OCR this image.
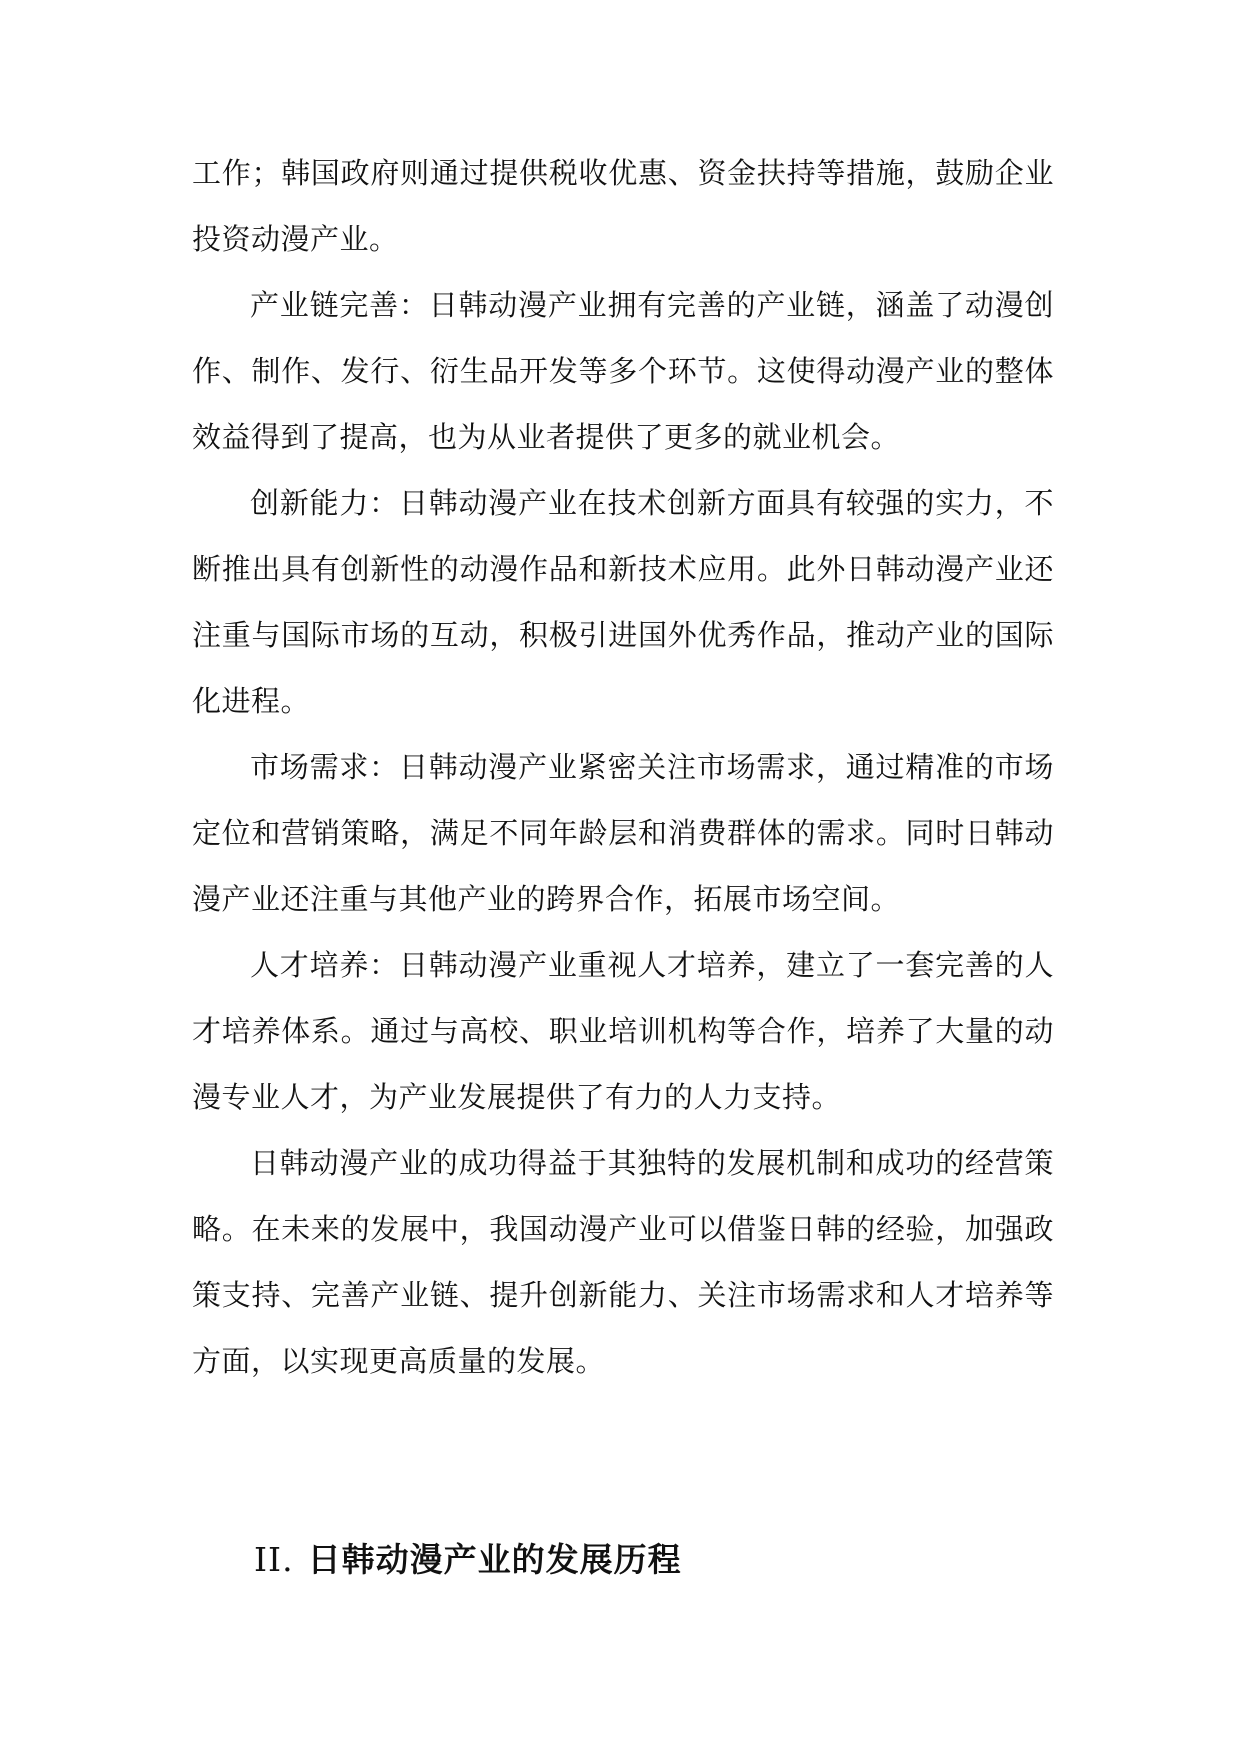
工作；韩国政府则通过提供税收优惠、资金扶持等措施，鼓励企业投资动漫产业。

产业链完善：日韩动漫产业拥有完善的产业链，涵盖了动漫创作、制作、发行、衍生品开发等多个环节。这使得动漫产业的整体效益得到了提高，也为从业者提供了更多的就业机会。

创新能力：日韩动漫产业在技术创新方面具有较强的实力，不断推出具有创新性的动漫作品和新技术应用。此外日韩动漫产业还注重与国际市场的互动，积极引进国外优秀作品，推动产业的国际化进程。

市场需求：日韩动漫产业紧密关注市场需求，通过精准的市场定位和营销策略，满足不同年龄层和消费群体的需求。同时日韩动漫产业还注重与其他产业的跨界合作，拓展市场空间。

人才培养：日韩动漫产业重视人才培养，建立了一套完善的人才培养体系。通过与高校、职业培训机构等合作，培养了大量的动漫专业人才，为产业发展提供了有力的人力支持。

日韩动漫产业的成功得益于其独特的发展机制和成功的经营策略。在未来的发展中，我国动漫产业可以借鉴日韩的经验，加强政策支持、完善产业链、提升创新能力、关注市场需求和人才培养等方面，以实现更高质量的发展。

II. 日韩动漫产业的发展历程
